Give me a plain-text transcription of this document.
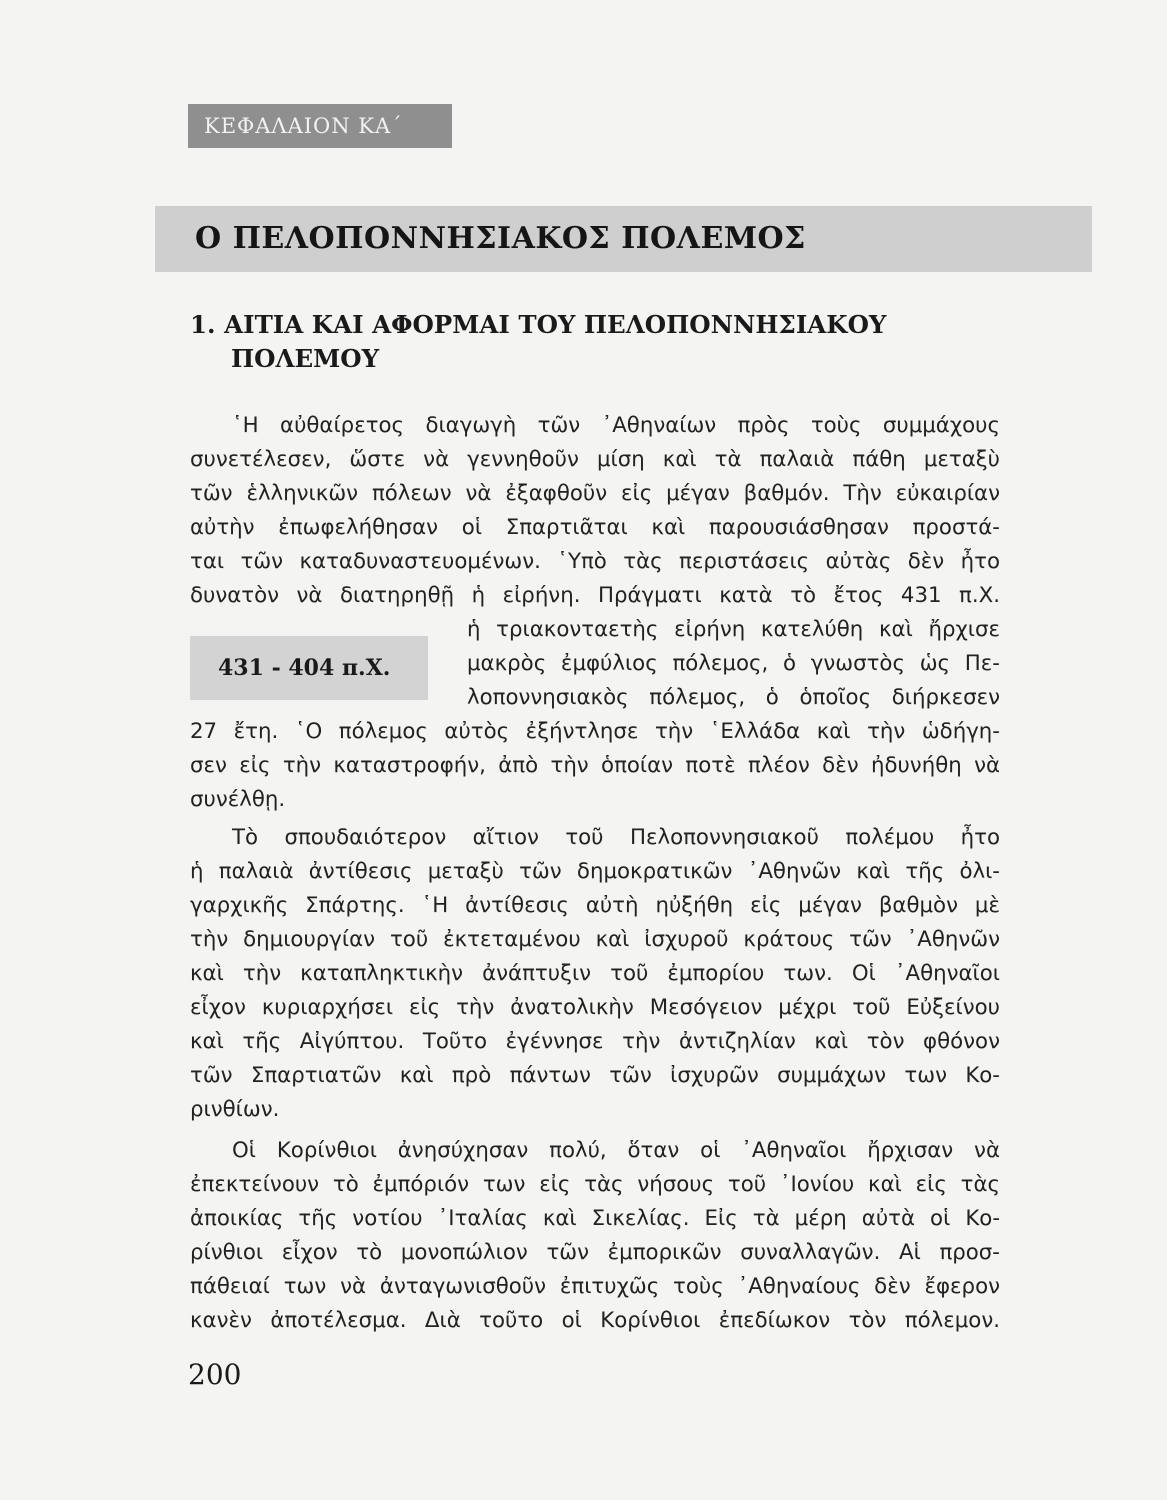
ΚΕΦΑΛΑΙΟΝ ΚΑ΄
Ο ΠΕΛΟΠΟΝΝΗΣΙΑΚΟΣ ΠΟΛΕΜΟΣ
1. ΑΙΤΙΑ ΚΑΙ ΑΦΟΡΜΑΙ ΤΟΥ ΠΕΛΟΠΟΝΝΗΣΙΑΚΟΥ
ΠΟΛΕΜΟΥ
431 - 404 π.Χ.
῾Η αὐθαίρετος διαγωγὴ τῶν ᾿Αθηναίων πρὸς τοὺς συμμάχους
συνετέλεσεν, ὥστε νὰ γεννηθοῦν μίση καὶ τὰ παλαιὰ πάθη μεταξὺ
τῶν ἑλληνικῶν πόλεων νὰ ἐξαφθοῦν εἰς μέγαν βαθμόν. Τὴν εὐκαιρίαν
αὐτὴν ἐπωφελήθησαν οἱ Σπαρτιᾶται καὶ παρουσιάσθησαν προστά-
ται τῶν καταδυναστευομένων. ῾Υπὸ τὰς περιστάσεις αὐτὰς δὲν ἦτο
δυνατὸν νὰ διατηρηθῇ ἡ εἰρήνη. Πράγματι κατὰ τὸ ἔτος 431 π.Χ.
ἡ τριακονταετὴς εἰρήνη κατελύθη καὶ ἤρχισε
μακρὸς ἐμφύλιος πόλεμος, ὁ γνωστὸς ὡς Πε-
λοποννησιακὸς πόλεμος, ὁ ὁποῖος διήρκεσεν
27 ἔτη. ῾Ο πόλεμος αὐτὸς ἐξήντλησε τὴν ῾Ελλάδα καὶ τὴν ὡδήγη-
σεν εἰς τὴν καταστροφήν, ἀπὸ τὴν ὁποίαν ποτὲ πλέον δὲν ἠδυνήθη νὰ
συνέλθῃ.
Τὸ σπουδαιότερον αἴτιον τοῦ Πελοποννησιακοῦ πολέμου ἦτο
ἡ παλαιὰ ἀντίθεσις μεταξὺ τῶν δημοκρατικῶν ᾿Αθηνῶν καὶ τῆς ὀλι-
γαρχικῆς Σπάρτης. ῾Η ἀντίθεσις αὐτὴ ηὐξήθη εἰς μέγαν βαθμὸν μὲ
τὴν δημιουργίαν τοῦ ἐκτεταμένου καὶ ἰσχυροῦ κράτους τῶν ᾿Αθηνῶν
καὶ τὴν καταπληκτικὴν ἀνάπτυξιν τοῦ ἐμπορίου των. Οἱ ᾿Αθηναῖοι
εἶχον κυριαρχήσει εἰς τὴν ἀνατολικὴν Μεσόγειον μέχρι τοῦ Εὐξείνου
καὶ τῆς Αἰγύπτου. Τοῦτο ἐγέννησε τὴν ἀντιζηλίαν καὶ τὸν φθόνον
τῶν Σπαρτιατῶν καὶ πρὸ πάντων τῶν ἰσχυρῶν συμμάχων των Κο-
ρινθίων.
Οἱ Κορίνθιοι ἀνησύχησαν πολύ, ὅταν οἱ ᾿Αθηναῖοι ἤρχισαν νὰ
ἐπεκτείνουν τὸ ἐμπόριόν των εἰς τὰς νήσους τοῦ ᾿Ιονίου καὶ εἰς τὰς
ἀποικίας τῆς νοτίου ᾿Ιταλίας καὶ Σικελίας. Εἰς τὰ μέρη αὐτὰ οἱ Κο-
ρίνθιοι εἶχον τὸ μονοπώλιον τῶν ἐμπορικῶν συναλλαγῶν. Αἱ προσ-
πάθειαί των νὰ ἀνταγωνισθοῦν ἐπιτυχῶς τοὺς ᾿Αθηναίους δὲν ἔφερον
κανὲν ἀποτέλεσμα. Διὰ τοῦτο οἱ Κορίνθιοι ἐπεδίωκον τὸν πόλεμον.
200
